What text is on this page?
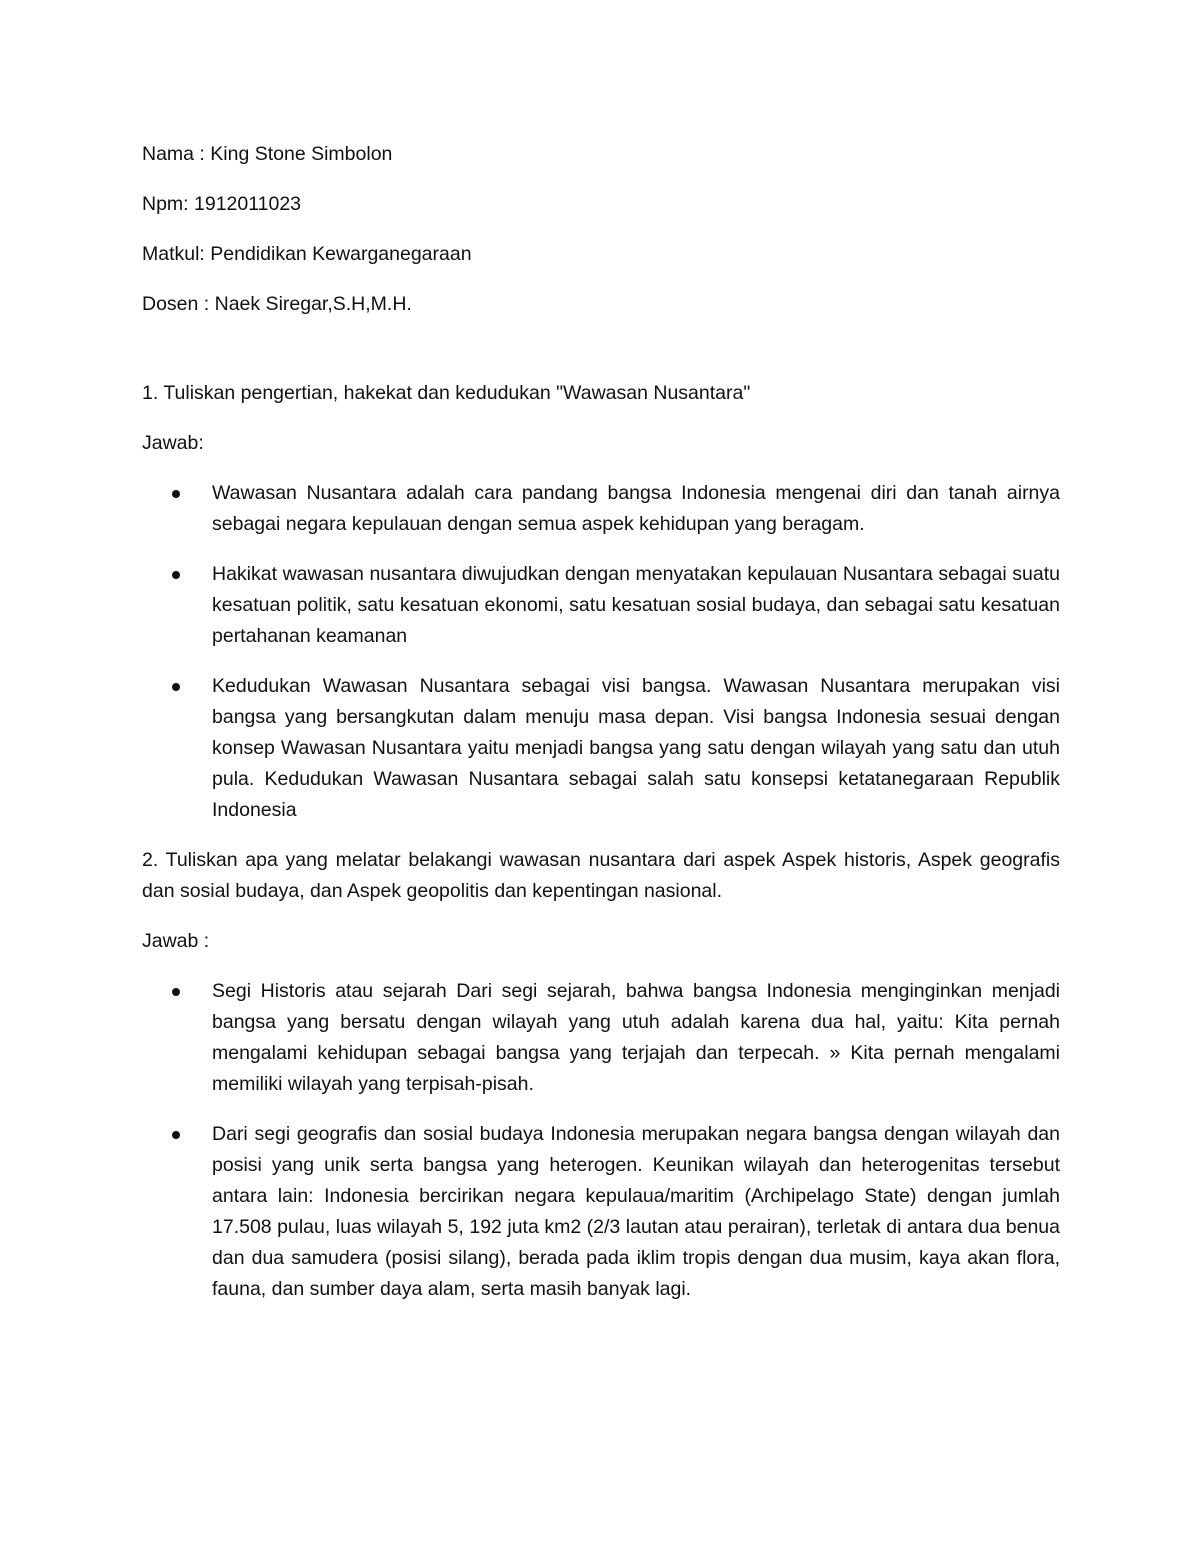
Nama : King Stone Simbolon
Npm: 1912011023
Matkul: Pendidikan Kewarganegaraan
Dosen : Naek Siregar,S.H,M.H.
1. Tuliskan pengertian, hakekat dan kedudukan "Wawasan Nusantara"
Jawab:
Wawasan Nusantara adalah cara pandang bangsa Indonesia mengenai diri dan tanah airnya sebagai negara kepulauan dengan semua aspek kehidupan yang beragam.
Hakikat wawasan nusantara diwujudkan dengan menyatakan kepulauan Nusantara sebagai suatu kesatuan politik, satu kesatuan ekonomi, satu kesatuan sosial budaya, dan sebagai satu kesatuan pertahanan keamanan
Kedudukan Wawasan Nusantara sebagai visi bangsa. Wawasan Nusantara merupakan visi bangsa yang bersangkutan dalam menuju masa depan. Visi bangsa Indonesia sesuai dengan konsep Wawasan Nusantara yaitu menjadi bangsa yang satu dengan wilayah yang satu dan utuh pula. Kedudukan Wawasan Nusantara sebagai salah satu konsepsi ketatanegaraan Republik Indonesia
2. Tuliskan apa yang melatar belakangi wawasan nusantara dari aspek Aspek historis, Aspek geografis dan sosial budaya, dan Aspek geopolitis dan kepentingan nasional.
Jawab :
Segi Historis atau sejarah Dari segi sejarah, bahwa bangsa Indonesia menginginkan menjadi bangsa yang bersatu dengan wilayah yang utuh adalah karena dua hal, yaitu: Kita pernah mengalami kehidupan sebagai bangsa yang terjajah dan terpecah. » Kita pernah mengalami memiliki wilayah yang terpisah-pisah.
Dari segi geografis dan sosial budaya Indonesia merupakan negara bangsa dengan wilayah dan posisi yang unik serta bangsa yang heterogen. Keunikan wilayah dan heterogenitas tersebut antara lain: Indonesia bercirikan negara kepulaua/maritim (Archipelago State) dengan jumlah 17.508 pulau, luas wilayah 5, 192 juta km2 (2/3 lautan atau perairan), terletak di antara dua benua dan dua samudera (posisi silang), berada pada iklim tropis dengan dua musim, kaya akan flora, fauna, dan sumber daya alam, serta masih banyak lagi.
